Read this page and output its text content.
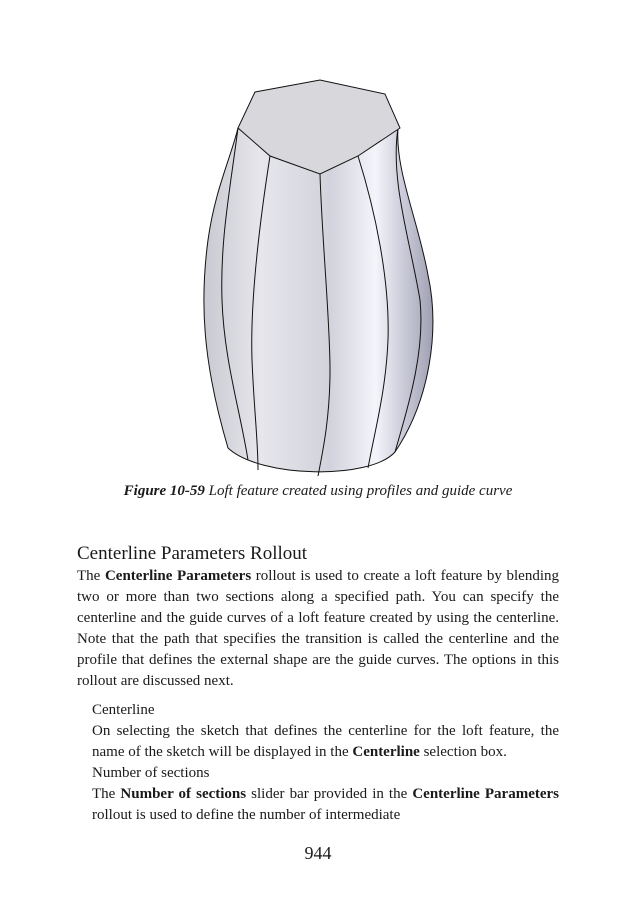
Figure 10-59 Loft feature created using profiles and guide curve
Centerline Parameters Rollout

The Centerline Parameters rollout is used to create a loft feature by blending two or more than two sections along a specified path. You can specify the centerline and the guide curves of a loft feature created by using the centerline. Note that the path that specifies the transition is called the centerline and the profile that defines the external shape are the guide curves. The options in this rollout are discussed next.

Centerline

On selecting the sketch that defines the centerline for the loft feature, the name of the sketch will be displayed in the Centerline selection box.

Number of sections

The Number of sections slider bar provided in the Centerline Parameters rollout is used to define the number of intermediate

944
